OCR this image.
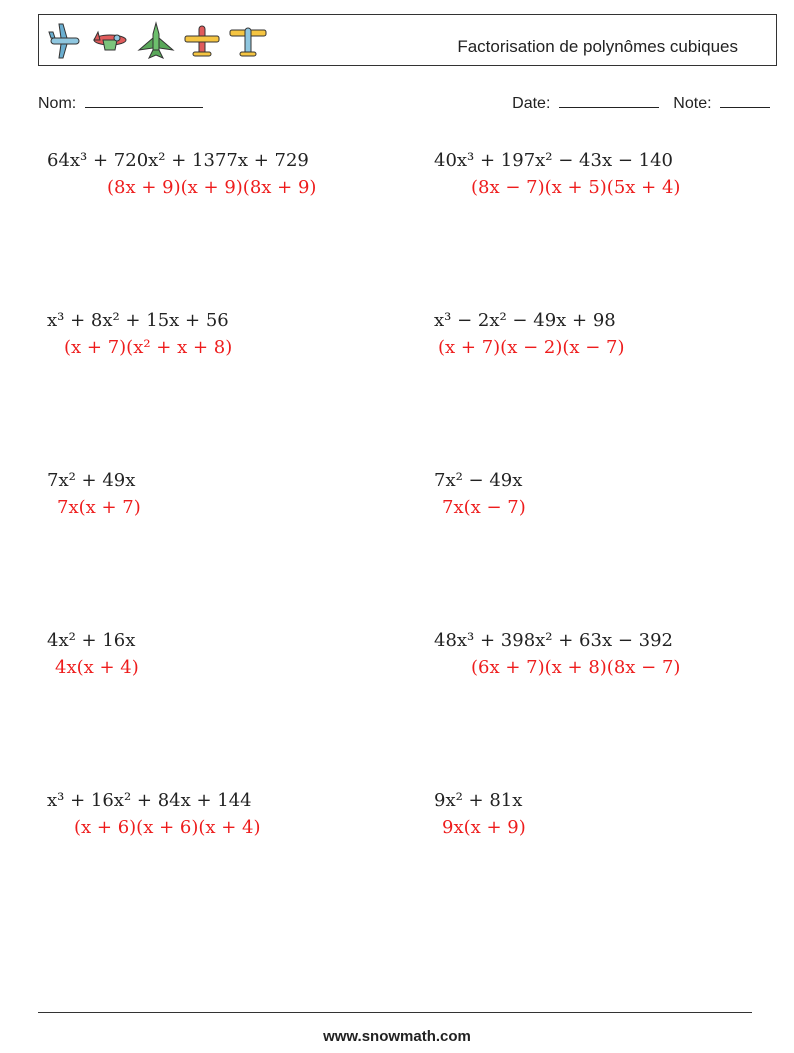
Factorisation de polynômes cubiques
Nom:	Date:	Note:
64x³ + 720x² + 1377x + 729
(8x + 9)(x + 9)(8x + 9)
40x³ + 197x² − 43x − 140
(8x − 7)(x + 5)(5x + 4)
x³ + 8x² + 15x + 56
(x + 7)(x² + x + 8)
x³ − 2x² − 49x + 98
(x + 7)(x − 2)(x − 7)
7x² + 49x
7x(x + 7)
7x² − 49x
7x(x − 7)
4x² + 16x
4x(x + 4)
48x³ + 398x² + 63x − 392
(6x + 7)(x + 8)(8x − 7)
x³ + 16x² + 84x + 144
(x + 6)(x + 6)(x + 4)
9x² + 81x
9x(x + 9)
www.snowmath.com
